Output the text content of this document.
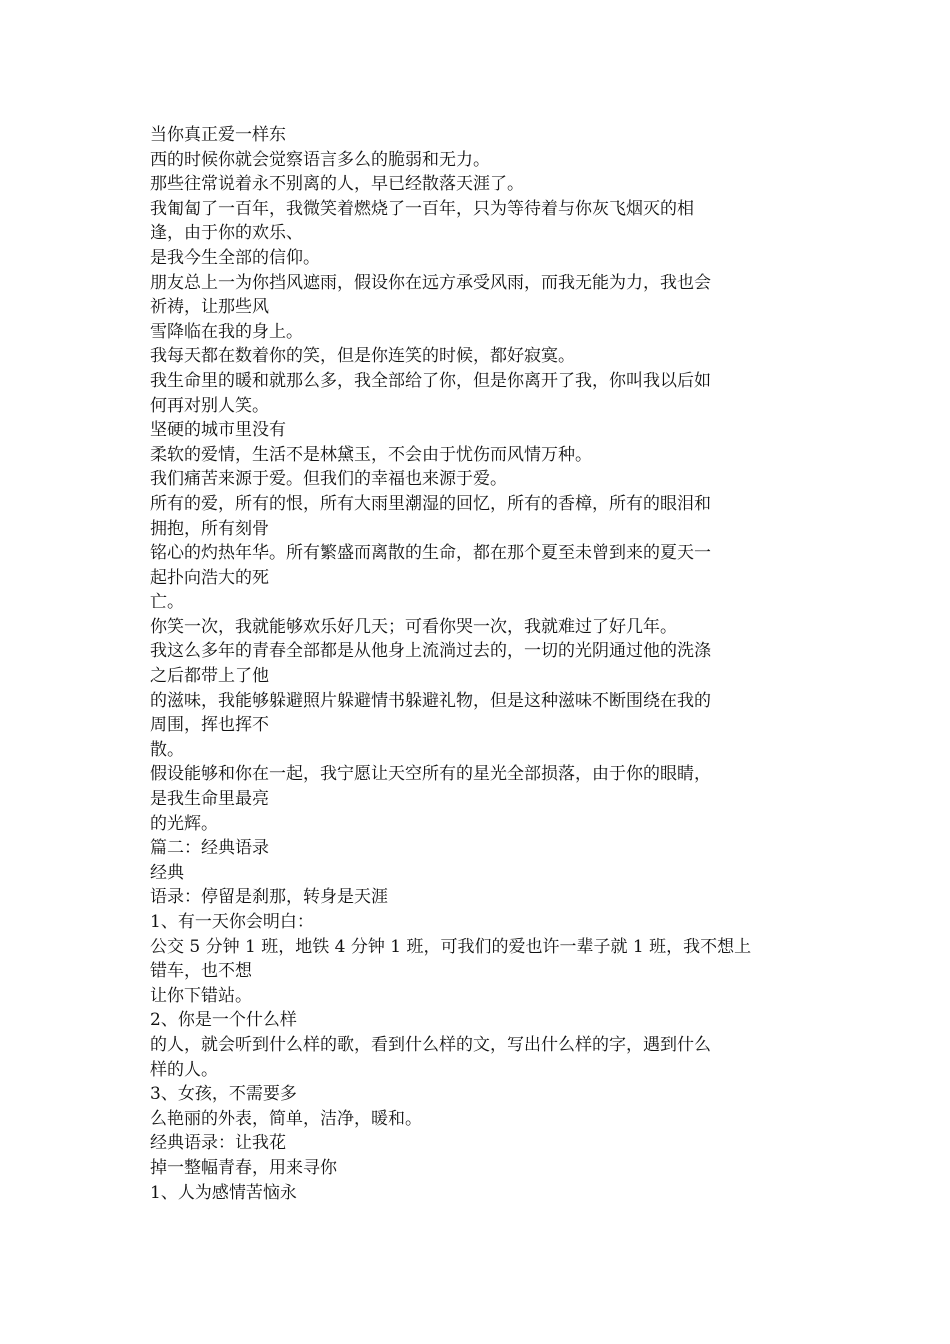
当你真正爱一样东
西的时候你就会觉察语言多么的脆弱和无力。
那些往常说着永不别离的人，早已经散落天涯了。
我匍匐了一百年，我微笑着燃烧了一百年，只为等待着与你灰飞烟灭的相
逢，由于你的欢乐、
是我今生全部的信仰。
朋友总上一为你挡风遮雨，假设你在远方承受风雨，而我无能为力，我也会
祈祷，让那些风
雪降临在我的身上。
我每天都在数着你的笑，但是你连笑的时候，都好寂寞。
我生命里的暖和就那么多，我全部给了你，但是你离开了我，你叫我以后如
何再对别人笑。
坚硬的城市里没有
柔软的爱情，生活不是林黛玉，不会由于忧伤而风情万种。
我们痛苦来源于爱。但我们的幸福也来源于爱。
所有的爱，所有的恨，所有大雨里潮湿的回忆，所有的香樟，所有的眼泪和
拥抱，所有刻骨
铭心的灼热年华。所有繁盛而离散的生命，都在那个夏至未曾到来的夏天一
起扑向浩大的死
亡。
你笑一次，我就能够欢乐好几天；可看你哭一次，我就难过了好几年。
我这么多年的青春全部都是从他身上流淌过去的，一切的光阴通过他的洗涤
之后都带上了他
的滋味，我能够躲避照片躲避情书躲避礼物，但是这种滋味不断围绕在我的
周围，挥也挥不
散。
假设能够和你在一起，我宁愿让天空所有的星光全部损落，由于你的眼睛，
是我生命里最亮
的光辉。
篇二：经典语录
经典
语录：停留是刹那，转身是天涯
1、有一天你会明白：
公交 5 分钟 1 班，地铁 4 分钟 1 班，可我们的爱也许一辈子就 1 班，我不想上
错车，也不想
让你下错站。
2、你是一个什么样
的人，就会听到什么样的歌，看到什么样的文，写出什么样的字，遇到什么
样的人。
3、女孩，不需要多
么艳丽的外表，简单，洁净，暖和。
经典语录：让我花
掉一整幅青春，用来寻你
1、人为感情苦恼永
